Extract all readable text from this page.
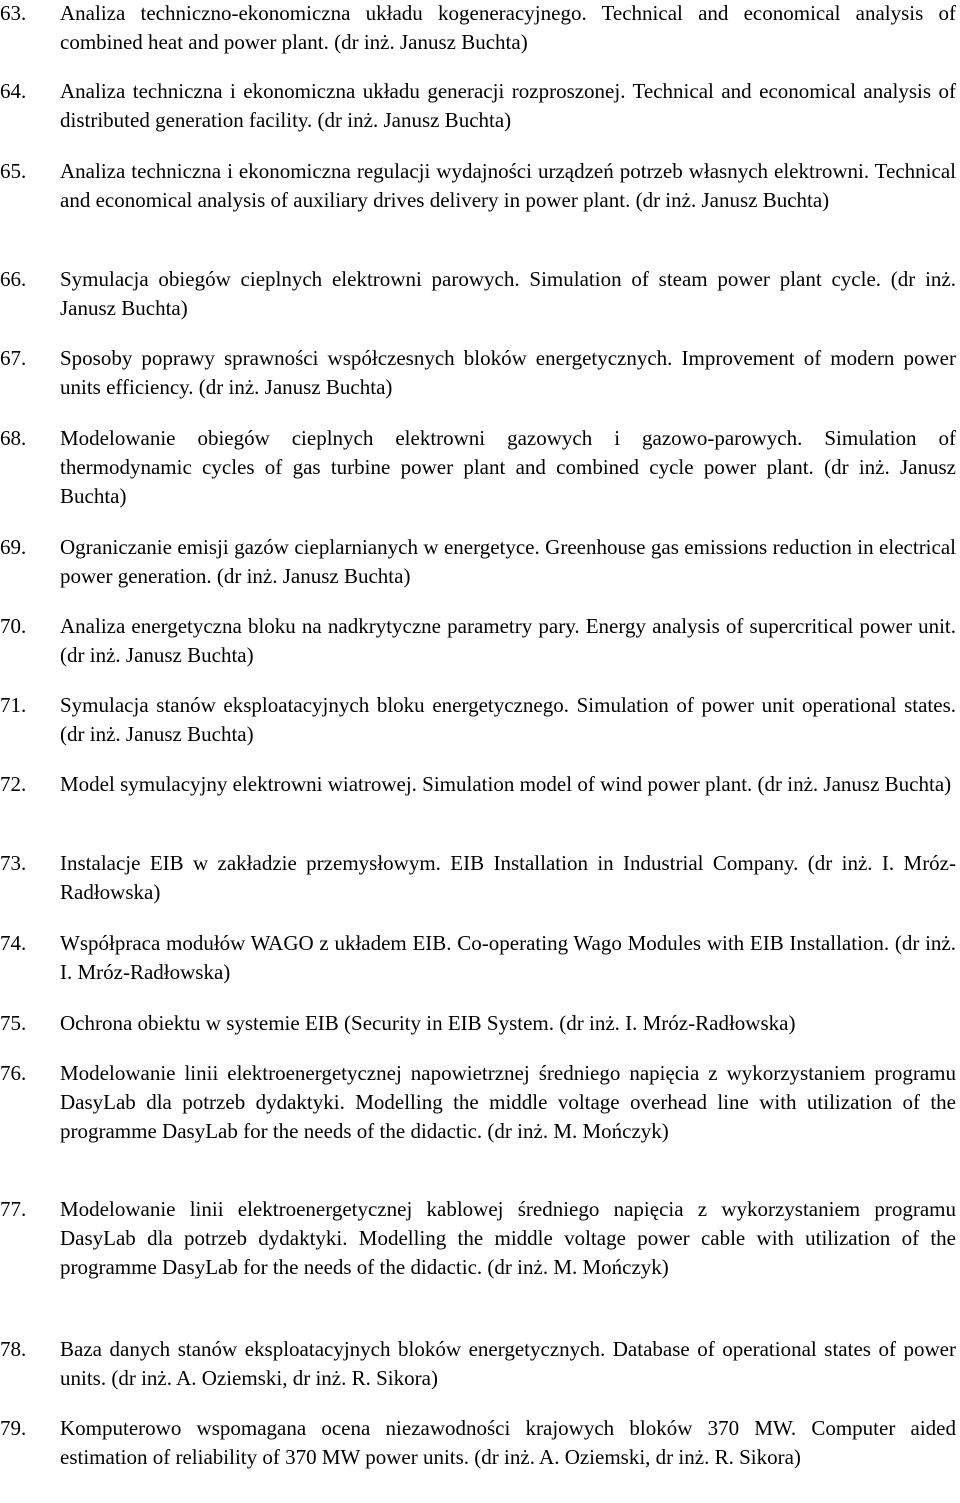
63. Analiza techniczno-ekonomiczna układu kogeneracyjnego. Technical and economical analysis of combined heat and power plant. (dr inż. Janusz Buchta)
64. Analiza techniczna i ekonomiczna układu generacji rozproszonej. Technical and economical analysis of distributed generation facility. (dr inż. Janusz Buchta)
65. Analiza techniczna i ekonomiczna regulacji wydajności urządzeń potrzeb własnych elektrowni. Technical and economical analysis of auxiliary drives delivery in power plant. (dr inż. Janusz Buchta)
66. Symulacja obiegów cieplnych elektrowni parowych. Simulation of steam power plant cycle. (dr inż. Janusz Buchta)
67. Sposoby poprawy sprawności współczesnych bloków energetycznych. Improvement of modern power units efficiency. (dr inż. Janusz Buchta)
68. Modelowanie obiegów cieplnych elektrowni gazowych i gazowo-parowych. Simulation of thermodynamic cycles of gas turbine power plant and combined cycle power plant. (dr inż. Janusz Buchta)
69. Ograniczanie emisji gazów cieplarnianych w energetyce. Greenhouse gas emissions reduction in electrical power generation. (dr inż. Janusz Buchta)
70. Analiza energetyczna bloku na nadkrytyczne parametry pary. Energy analysis of supercritical power unit. (dr inż. Janusz Buchta)
71. Symulacja stanów eksploatacyjnych bloku energetycznego. Simulation of power unit operational states. (dr inż. Janusz Buchta)
72. Model symulacyjny elektrowni wiatrowej. Simulation model of wind power plant. (dr inż. Janusz Buchta)
73. Instalacje EIB w zakładzie przemysłowym. EIB Installation in Industrial Company. (dr inż. I. Mróz-Radłowska)
74. Współpraca modułów WAGO z układem EIB. Co-operating Wago Modules with EIB Installation. (dr inż. I. Mróz-Radłowska)
75. Ochrona obiektu w systemie EIB (Security in EIB System. (dr inż. I. Mróz-Radłowska)
76. Modelowanie linii elektroenergetycznej napowietrznej średniego napięcia z wykorzystaniem programu DasyLab dla potrzeb dydaktyki. Modelling the middle voltage overhead line with utilization of the programme DasyLab for the needs of the didactic. (dr inż. M. Mończyk)
77. Modelowanie linii elektroenergetycznej kablowej średniego napięcia z wykorzystaniem programu DasyLab dla potrzeb dydaktyki. Modelling the middle voltage power cable with utilization of the programme DasyLab for the needs of the didactic. (dr inż. M. Mończyk)
78. Baza danych stanów eksploatacyjnych bloków energetycznych. Database of operational states of power units. (dr inż. A. Oziemski, dr inż. R. Sikora)
79. Komputerowo wspomagana ocena niezawodności krajowych bloków 370 MW. Computer aided estimation of reliability of 370 MW power units. (dr inż. A. Oziemski, dr inż. R. Sikora)
